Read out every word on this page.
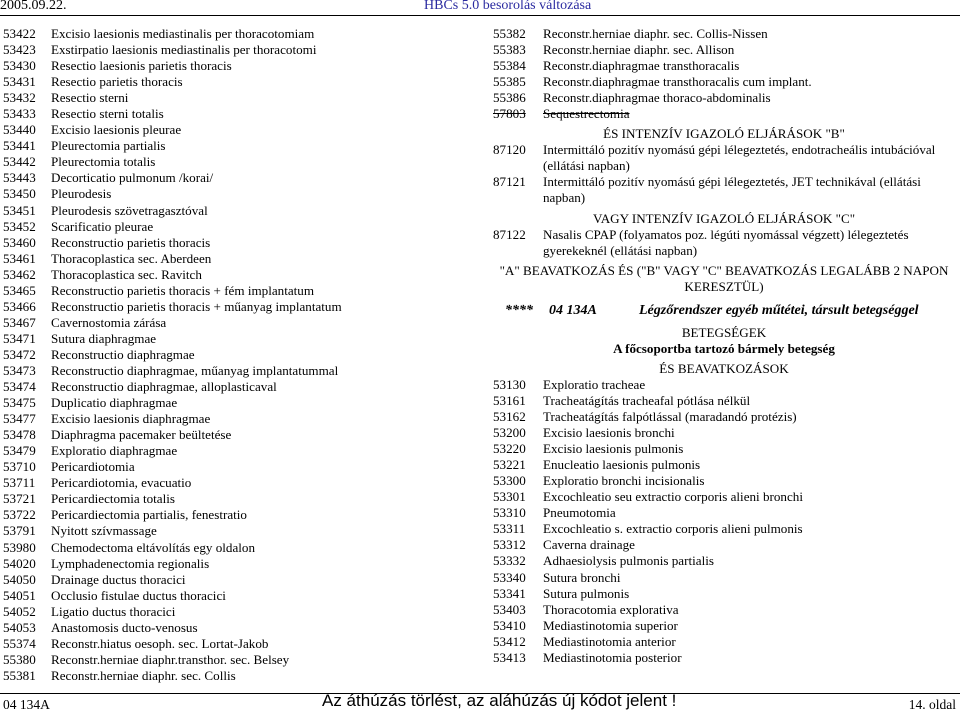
2005.09.22.	HBCs 5.0 besorolás változása
53422	Excisio laesionis mediastinalis per thoracotomiam
53423	Exstirpatio laesionis mediastinalis per thoracotomi
53430	Resectio laesionis parietis thoracis
53431	Resectio parietis thoracis
53432	Resectio sterni
53433	Resectio sterni totalis
53440	Excisio laesionis pleurae
53441	Pleurectomia partialis
53442	Pleurectomia totalis
53443	Decorticatio pulmonum /korai/
53450	Pleurodesis
53451	Pleurodesis szövetragasztóval
53452	Scarificatio pleurae
53460	Reconstructio parietis thoracis
53461	Thoracoplastica sec. Aberdeen
53462	Thoracoplastica sec. Ravitch
53465	Reconstructio parietis thoracis + fém implantatum
53466	Reconstructio parietis thoracis + műanyag implantatum
53467	Cavernostomia zárása
53471	Sutura diaphragmae
53472	Reconstructio diaphragmae
53473	Reconstructio diaphragmae, műanyag implantatummal
53474	Reconstructio diaphragmae, alloplasticaval
53475	Duplicatio diaphragmae
53477	Excisio laesionis diaphragmae
53478	Diaphragma pacemaker beültetése
53479	Exploratio diaphragmae
53710	Pericardiotomia
53711	Pericardiotomia, evacuatio
53721	Pericardiectomia totalis
53722	Pericardiectomia partialis, fenestratio
53791	Nyitott szívmassage
53980	Chemodectoma eltávolítás egy oldalon
54020	Lymphadenectomia regionalis
54050	Drainage ductus thoracici
54051	Occlusio fistulae ductus thoracici
54052	Ligatio ductus thoracici
54053	Anastomosis ducto-venosus
55374	Reconstr.hiatus oesoph. sec. Lortat-Jakob
55380	Reconstr.herniae diaphr.transthor. sec. Belsey
55381	Reconstr.herniae diaphr. sec. Collis
55382	Reconstr.herniae diaphr. sec. Collis-Nissen
55383	Reconstr.herniae diaphr. sec. Allison
55384	Reconstr.diaphragmae transthoracalis
55385	Reconstr.diaphragmae transthoracalis cum implant.
55386	Reconstr.diaphragmae thoraco-abdominalis
57803	Sequestrectomia
ÉS INTENZÍV IGAZOLÓ ELJÁRÁSOK "B"
87120	Intermittáló pozitív nyomású gépi lélegeztetés, endotracheális intubációval (ellátási napban)
87121	Intermittáló pozitív nyomású gépi lélegeztetés, JET technikával (ellátási napban)
VAGY INTENZÍV IGAZOLÓ ELJÁRÁSOK "C"
87122	Nasalis CPAP (folyamatos poz. légúti nyomással végzett) lélegeztetés gyerekeknél (ellátási napban)
"A" BEAVATKOZÁS ÉS ("B" VAGY "C" BEAVATKOZÁS LEGALÁBB 2 NAPON KERESZTÜL)
****	04 134A	Légzőrendszer egyéb műtétei, társult betegséggel
BETEGSÉGEK
A főcsoportba tartozó bármely betegség
ÉS BEAVATKOZÁSOK
53130	Exploratio tracheae
53161	Tracheatágítás tracheafal pótlása nélkül
53162	Tracheatágítás falpótlással (maradandó protézis)
53200	Excisio laesionis bronchi
53220	Excisio laesionis pulmonis
53221	Enucleatio laesionis pulmonis
53300	Exploratio bronchi incisionalis
53301	Excochleatio seu extractio corporis alieni bronchi
53310	Pneumotomia
53311	Excochleatio s. extractio corporis alieni pulmonis
53312	Caverna drainage
53332	Adhaesiolysis pulmonis partialis
53340	Sutura bronchi
53341	Sutura pulmonis
53403	Thoracotomia explorativa
53410	Mediastinotomia superior
53412	Mediastinotomia anterior
53413	Mediastinotomia posterior
04 134A	Az áthúzás törlést, az aláhúzás új kódot jelent !	14. oldal
